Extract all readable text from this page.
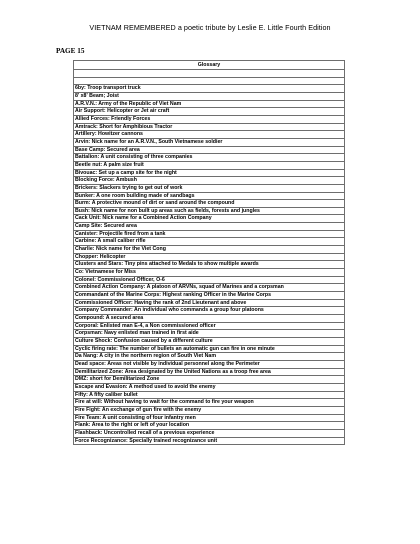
VIETNAM REMEMBERED a poetic tribute by Leslie E. Little Fourth Edition
PAGE 15
Glossary

6by: Troop transport truck
8' x8' Beam; Joist
A.R.V.N.: Army of the Republic of Viet Nam
Air Support: Helicopter or Jet air craft
Allied Forces: Friendly Forces
Amtrack: Short for Amphibious Tractor
Artillery: Howitzer cannons
Arvin: Nick name for an A.R.V.N., South Vietnamese soldier
Base Camp: Secured area
Battalion: A unit consisting of three companies
Beetle nut: A palm size fruit
Bivouac: Set up a camp site for the night
Blocking Force: Ambush
Brickers: Slackers trying to get out of work
Bunker: A one room building made of sandbags
Burm: A protective mound of dirt or sand around the compound
Bush: Nick name for non built up areas such as fields, forests and jungles
Cack Unit: Nick name for a Combined Action Company
Camp Site: Secured area
Canister: Projectile fired from a tank
Carbine: A small caliber rifle
Charlie: Nick name for the Viet Cong
Chopper: Helicopter
Clusters and Stars: Tiny pins attached to Medals to show multiple awards
Co: Vietnamese for Miss
Colonel: Commissioned Officer, O-6
Combined Action Company: A platoon of ARVNs, squad of Marines and a corpsman
Commandant of the Marine Corps: Highest ranking Officer in the Marine Corps
Commissioned Officer: Having the rank of 2nd Lieutenant and above
Company Commander: An individual who commands a group four platoons
Compound: A secured area
Corporal: Enlisted man E-4, a Non commissioned officer
Corpsman: Navy enlisted man trained in first aide
Culture Shock: Confusion caused by a different culture
Cyclic firing rate: The number of bullets an automatic gun can fire in one minute
Da Nang: A city in the northern region of South Viet Nam
Dead space: Areas not visible by individual personnel along the Perimeter
Demilitarized Zone: Area designated by the United Nations as a troop free area
DMZ: short for Demilitarized Zone
Escape and Evasion: A method used to avoid the enemy
Fifty: A fifty caliber bullet
Fire at will: Without having to wait for the command to fire your weapon
Fire Fight: An exchange of gun fire with the enemy
Fire Team: A unit consisting of four infantry men
Flank: Area to the right or left of your location
Flashback: Uncontrolled recall of a previous experience
Force Recognizance: Specially trained recognizance unit
